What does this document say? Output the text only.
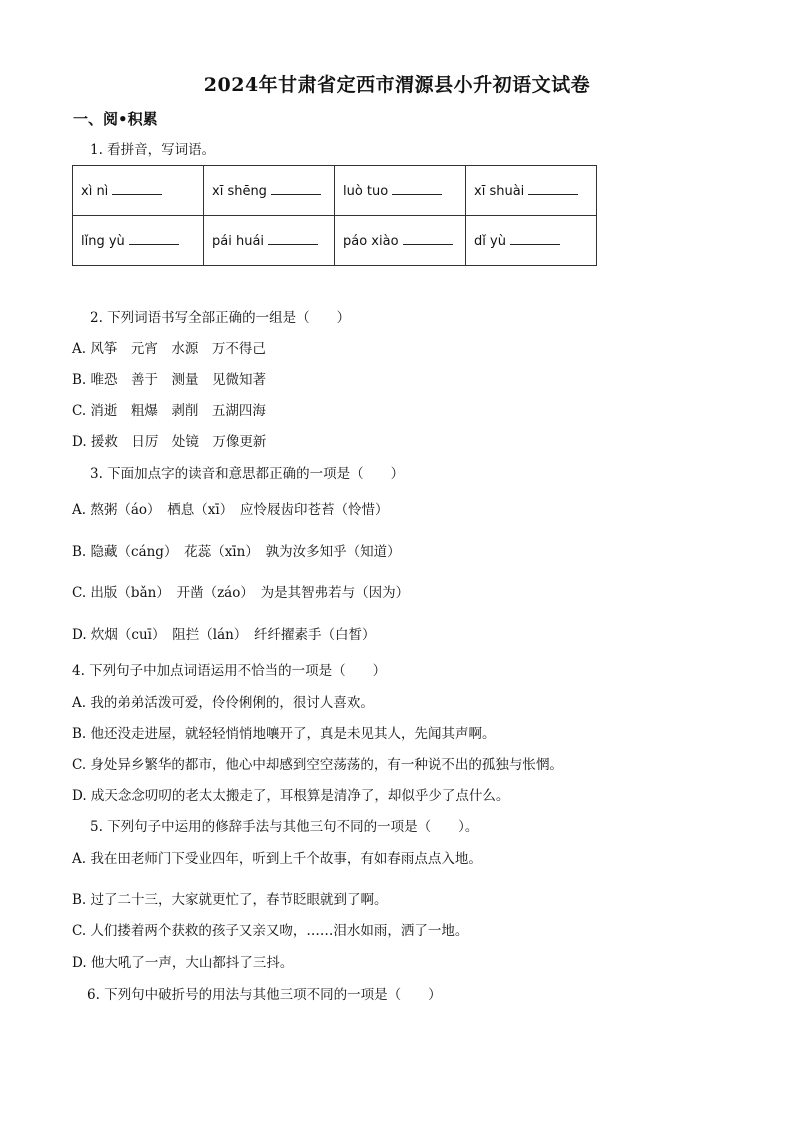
2024年甘肃省定西市渭源县小升初语文试卷
一、阅•积累
1. 看拼音，写词语。
xì nì	xī shēng	luò tuo	xī shuài
lǐng yù	pái huái	páo xiào	dǐ yù
2. 下列词语书写全部正确的一组是（　　）
A. 风筝　元宵　水源　万不得己
B. 唯恐　善于　测量　见微知著
C. 消逝　粗爆　剥削　五湖四海
D. 援救　日厉　处镜　万像更新
3. 下面加点字的读音和意思都正确的一项是（　　）
A. 熬粥（áo）　栖息（xī）　应怜屐齿印苍苔（怜惜）
B. 隐藏（cáng）　花蕊（xīn）　孰为汝多知乎（知道）
C. 出版（bǎn）　开凿（záo）　为是其智弗若与（因为）
D. 炊烟（cuī）　阻拦（lán）　纤纤擢素手（白皙）
4. 下列句子中加点词语运用不恰当的一项是（　　）
A. 我的弟弟活泼可爱，伶伶俐俐的，很讨人喜欢。
B. 他还没走进屋，就轻轻悄悄地嚷开了，真是未见其人，先闻其声啊。
C. 身处异乡繁华的都市，他心中却感到空空荡荡的，有一种说不出的孤独与怅惘。
D. 成天念念叨叨的老太太搬走了，耳根算是清净了，却似乎少了点什么。
5. 下列句子中运用的修辞手法与其他三句不同的一项是（　　）。
A. 我在田老师门下受业四年，听到上千个故事，有如春雨点点入地。
B. 过了二十三，大家就更忙了，春节眨眼就到了啊。
C. 人们搂着两个获救的孩子又亲又吻，……泪水如雨，洒了一地。
D. 他大吼了一声，大山都抖了三抖。
6. 下列句中破折号的用法与其他三项不同的一项是（　　）
